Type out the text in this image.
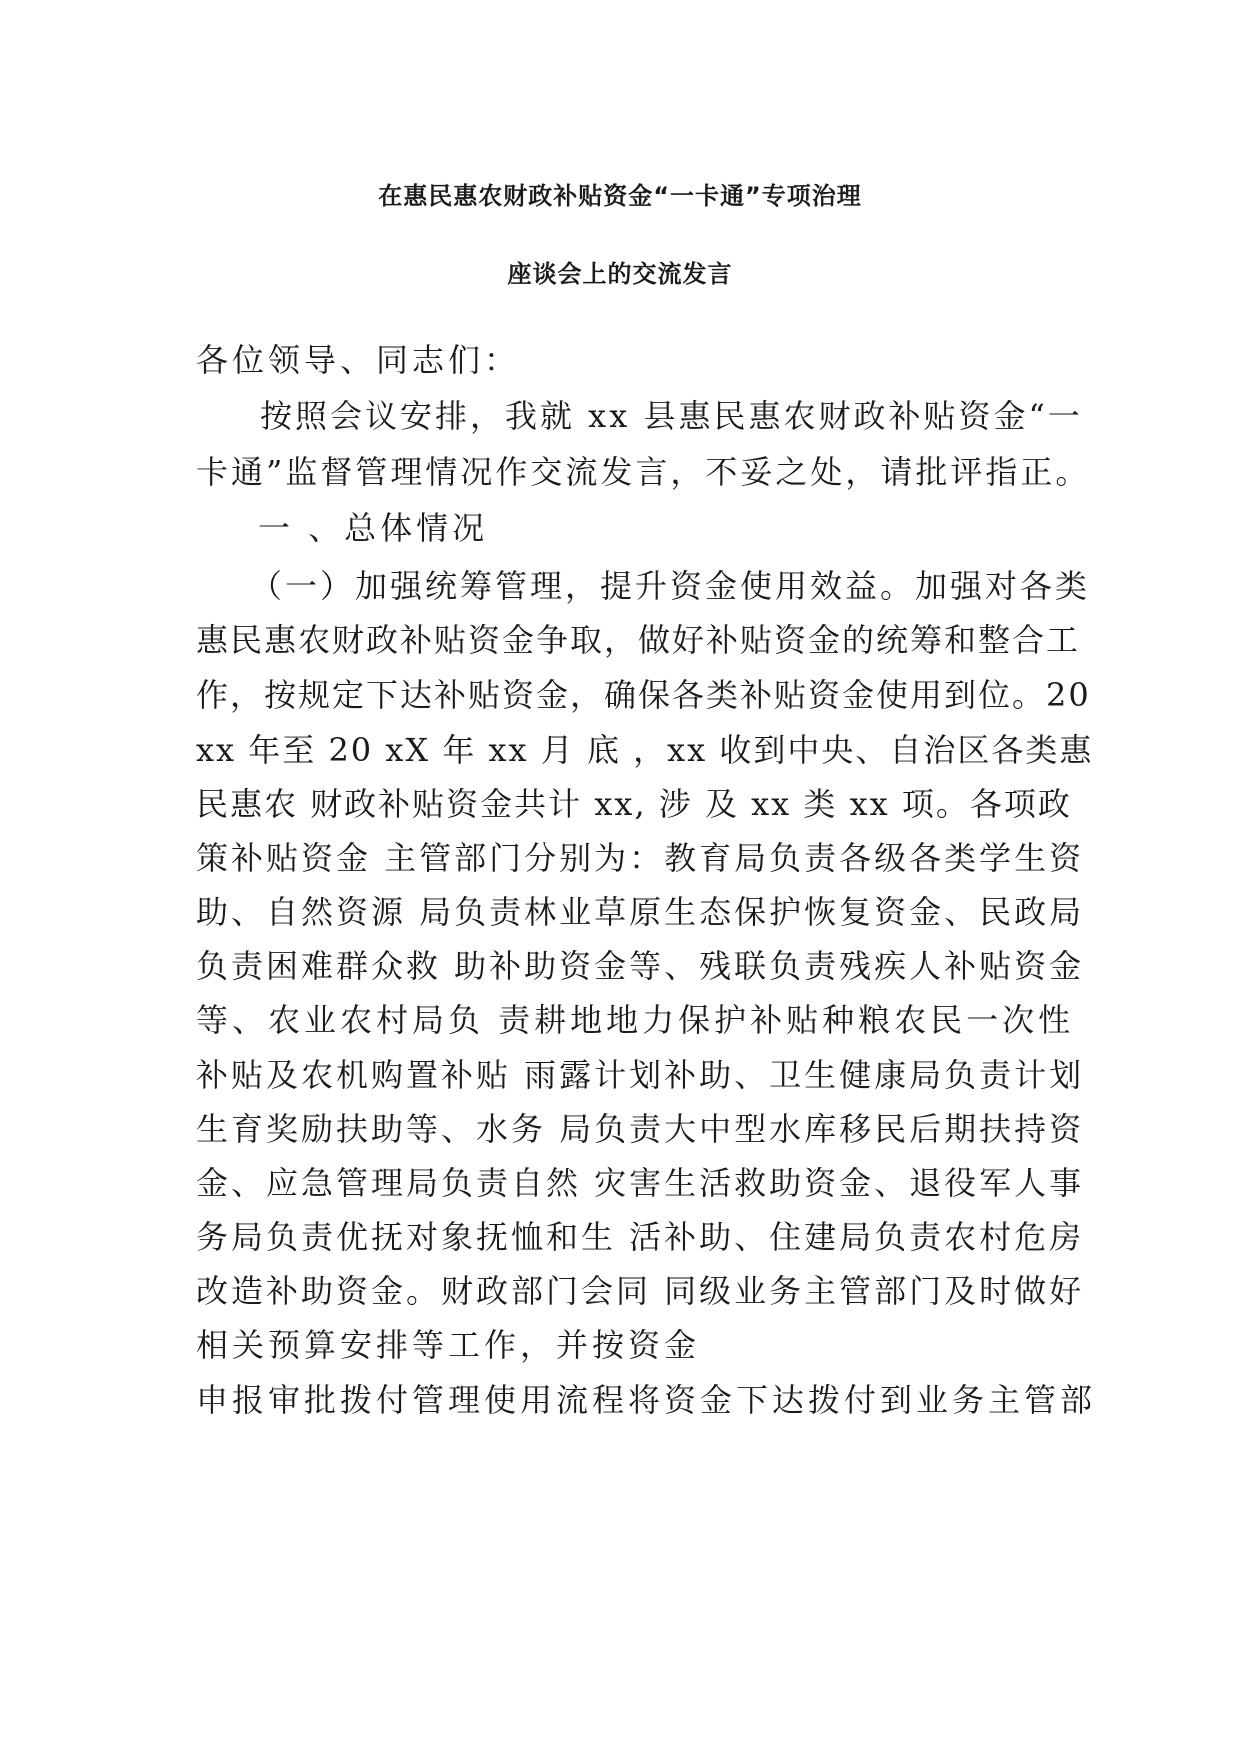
在惠民惠农财政补贴资金“一卡通”专项治理
座谈会上的交流发言
各位领导、同志们：
按照会议安排，我就 xx 县惠民惠农财政补贴资金“一
卡通”监督管理情况作交流发言，不妥之处，请批评指正。
一 、总体情况
（一）加强统筹管理，提升资金使用效益。加强对各类
惠民惠农财政补贴资金争取，做好补贴资金的统筹和整合工
作，按规定下达补贴资金，确保各类补贴资金使用到位。20
xx 年至 20 xX 年 xx 月 底 ，xx 收到中央、自治区各类惠
民惠农 财政补贴资金共计 xx, 涉 及 xx 类 xx 项。各项政
策补贴资金 主管部门分别为：教育局负责各级各类学生资
助、自然资源 局负责林业草原生态保护恢复资金、民政局
负责困难群众救 助补助资金等、残联负责残疾人补贴资金
等、农业农村局负 责耕地地力保护补贴种粮农民一次性
补贴及农机购置补贴 雨露计划补助、卫生健康局负责计划
生育奖励扶助等、水务 局负责大中型水库移民后期扶持资
金、应急管理局负责自然 灾害生活救助资金、退役军人事
务局负责优抚对象抚恤和生 活补助、住建局负责农村危房
改造补助资金。财政部门会同 同级业务主管部门及时做好
相关预算安排等工作，并按资金
申报审批拨付管理使用流程将资金下达拨付到业务主管部
